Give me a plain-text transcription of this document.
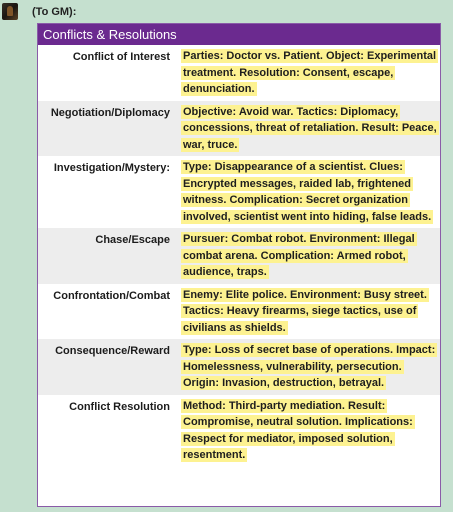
(To GM):
Conflicts & Resolutions
Conflict of Interest	Parties: Doctor vs. Patient. Object: Experimental treatment. Resolution: Consent, escape, denunciation.
Negotiation/Diplomacy	Objective: Avoid war. Tactics: Diplomacy, concessions, threat of retaliation. Result: Peace, war, truce.
Investigation/Mystery:	Type: Disappearance of a scientist. Clues: Encrypted messages, raided lab, frightened witness. Complication: Secret organization involved, scientist went into hiding, false leads.
Chase/Escape	Pursuer: Combat robot. Environment: Illegal combat arena. Complication: Armed robot, audience, traps.
Confrontation/Combat	Enemy: Elite police. Environment: Busy street. Tactics: Heavy firearms, siege tactics, use of civilians as shields.
Consequence/Reward	Type: Loss of secret base of operations. Impact: Homelessness, vulnerability, persecution. Origin: Invasion, destruction, betrayal.
Conflict Resolution	Method: Third-party mediation. Result: Compromise, neutral solution. Implications: Respect for mediator, imposed solution, resentment.
